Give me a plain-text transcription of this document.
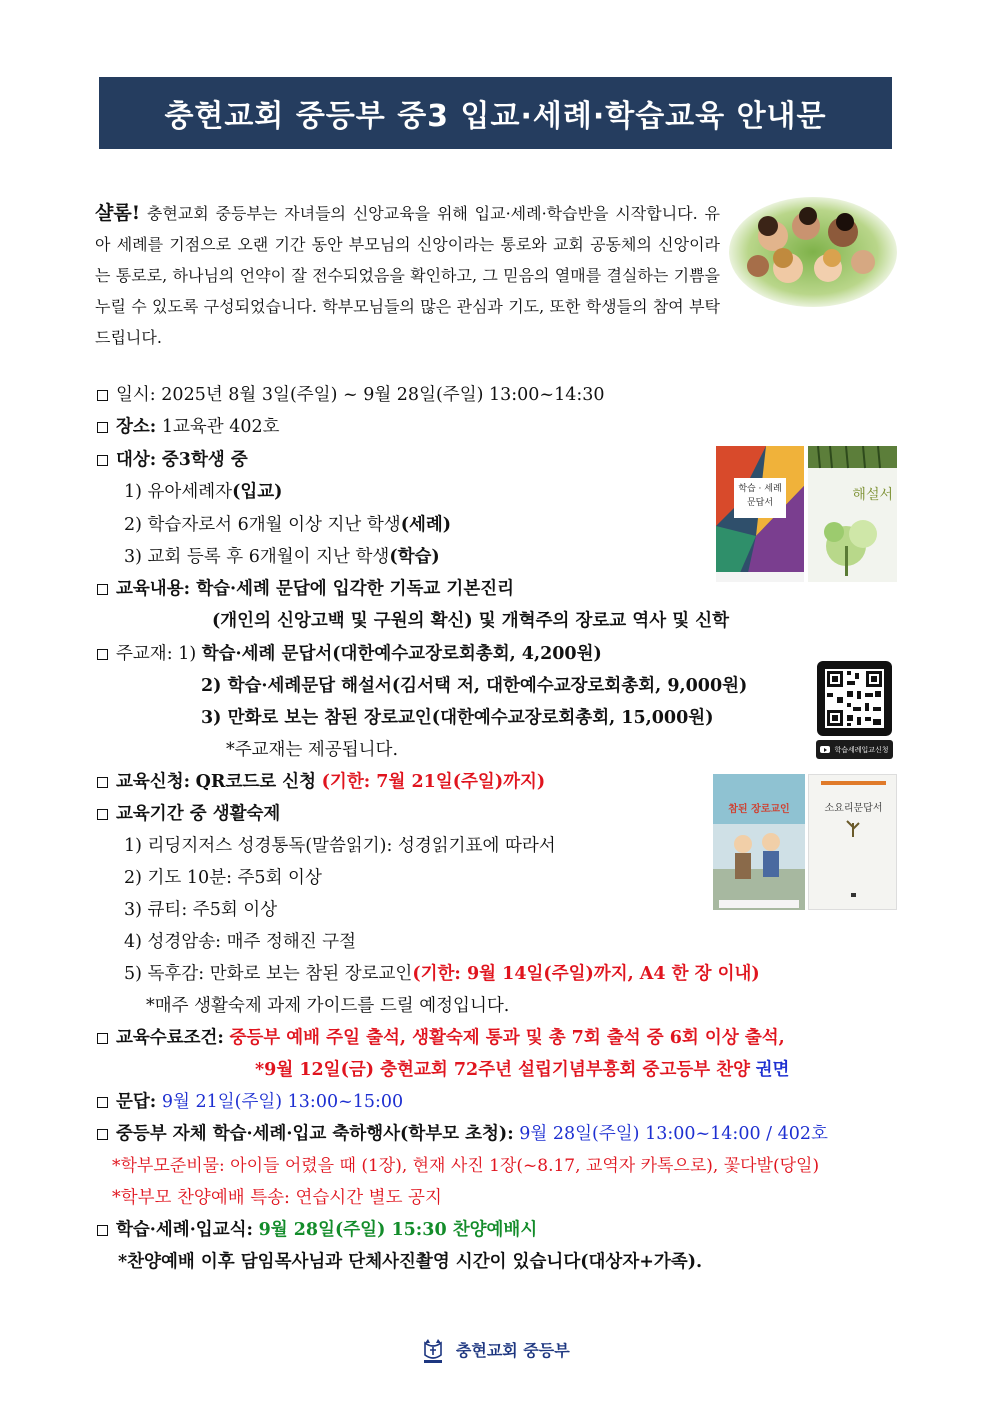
충현교회 중등부 중3 입교·세례·학습교육 안내문
샬롬! 충현교회 중등부는 자녀들의 신앙교육을 위해 입교·세례·학습반을 시작합니다. 유아 세례를 기점으로 오랜 기간 동안 부모님의 신앙이라는 통로와 교회 공동체의 신앙이라는 통로로, 하나님의 언약이 잘 전수되었음을 확인하고, 그 믿음의 열매를 결실하는 기쁨을 누릴 수 있도록 구성되었습니다. 학부모님들의 많은 관심과 기도, 또한 학생들의 참여 부탁드립니다.
일시: 2025년 8월 3일(주일) ~ 9월 28일(주일) 13:00~14:30
장소: 1교육관 402호
대상: 중3학생 중
1) 유아세례자(입교)
2) 학습자로서 6개월 이상 지난 학생(세례)
3) 교회 등록 후 6개월이 지난 학생(학습)
학습 · 세례
문답서	해설서
교육내용: 학습·세례 문답에 입각한 기독교 기본진리
(개인의 신앙고백 및 구원의 확신) 및 개혁주의 장로교 역사 및 신학
주교재: 1) 학습·세례 문답서(대한예수교장로회총회, 4,200원)
2) 학습·세례문답 해설서(김서택 저, 대한예수교장로회총회, 9,000원)
3) 만화로 보는 참된 장로교인(대한예수교장로회총회, 15,000원)
*주교재는 제공됩니다.	학습세례입교신청
교육신청: QR코드로 신청 (기한: 7월 21일(주일)까지)
교육기간 중 생활숙제
1) 리딩지저스 성경통독(말씀읽기): 성경읽기표에 따라서
2) 기도 10분: 주5회 이상
3) 큐티: 주5회 이상
4) 성경암송: 매주 정해진 구절
5) 독후감: 만화로 보는 참된 장로교인(기한: 9월 14일(주일)까지, A4 한 장 이내)
*매주 생활숙제 과제 가이드를 드릴 예정입니다.
참된 장로교인	소요리문답서
교육수료조건: 중등부 예배 주일 출석, 생활숙제 통과 및 총 7회 출석 중 6회 이상 출석,
*9월 12일(금) 충현교회 72주년 설립기념부흥회 중고등부 찬양 권면
문답: 9월 21일(주일) 13:00~15:00
중등부 자체 학습·세례·입교 축하행사(학부모 초청): 9월 28일(주일) 13:00~14:00 / 402호
*학부모준비물: 아이들 어렸을 때 (1장), 현재 사진 1장(~8.17, 교역자 카톡으로), 꽃다발(당일)
*학부모 찬양예배 특송: 연습시간 별도 공지
학습·세례·입교식: 9월 28일(주일) 15:30 찬양예배시
*찬양예배 이후 담임목사님과 단체사진촬영 시간이 있습니다(대상자+가족).
충현교회 중등부
